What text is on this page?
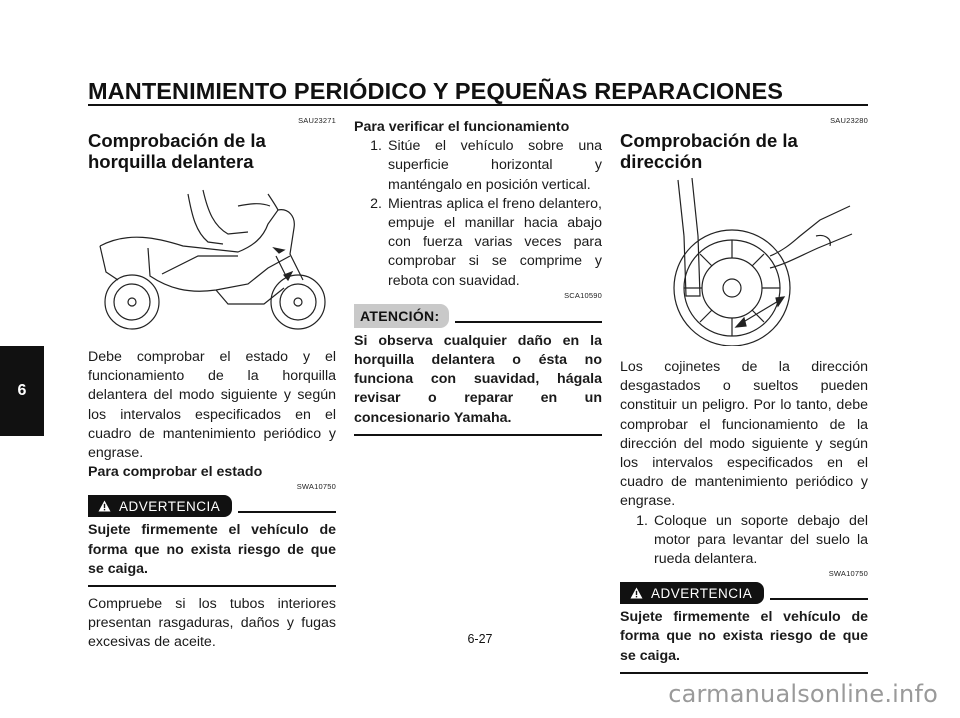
MANTENIMIENTO PERIÓDICO Y PEQUEÑAS REPARACIONES
6
SAU23271
Comprobación de la
horquilla delantera

Debe comprobar el estado y el funcionamiento de la horquilla delantera del modo siguiente y según los intervalos especificados en el cuadro de mantenimiento periódico y engrase.

Para comprobar el estado
SWA10750
ADVERTENCIA

Sujete firmemente el vehículo de forma que no exista riesgo de que se caiga.

Compruebe si los tubos interiores presentan rasgaduras, daños y fugas excesivas de aceite.

Para verificar el funcionamiento
1. Sitúe el vehículo sobre una superficie horizontal y manténgalo en posición vertical.
2. Mientras aplica el freno delantero, empuje el manillar hacia abajo con fuerza varias veces para comprobar si se comprime y rebota con suavidad.
SCA10590
ATENCIÓN:

Si observa cualquier daño en la horquilla delantera o ésta no funciona con suavidad, hágala revisar o reparar en un concesionario Yamaha.

SAU23280
Comprobación de la
dirección

Los cojinetes de la dirección desgastados o sueltos pueden constituir un peligro. Por lo tanto, debe comprobar el funcionamiento de la dirección del modo siguiente y según los intervalos especificados en el cuadro de mantenimiento periódico y engrase.

1. Coloque un soporte debajo del motor para levantar del suelo la rueda delantera.
SWA10750
ADVERTENCIA

Sujete firmemente el vehículo de forma que no exista riesgo de que se caiga.

6-27
carmanualsonline.info
